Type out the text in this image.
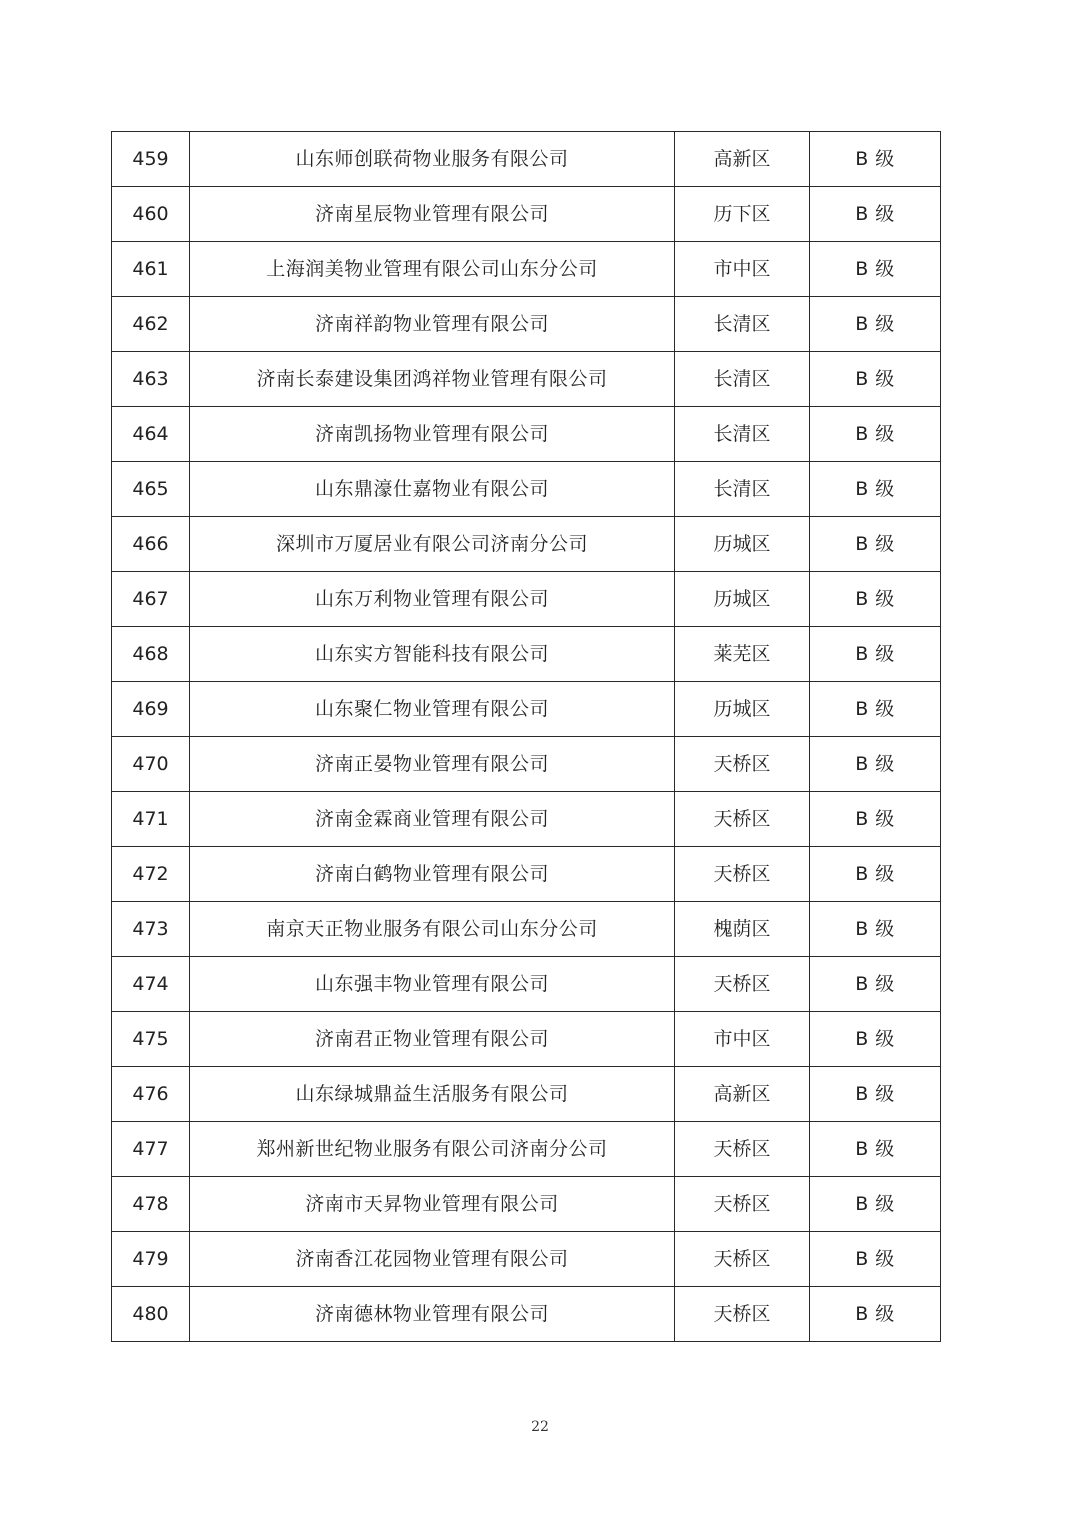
459	山东师创联荷物业服务有限公司	高新区	B 级
460	济南星辰物业管理有限公司	历下区	B 级
461	上海润美物业管理有限公司山东分公司	市中区	B 级
462	济南祥韵物业管理有限公司	长清区	B 级
463	济南长泰建设集团鸿祥物业管理有限公司	长清区	B 级
464	济南凯扬物业管理有限公司	长清区	B 级
465	山东鼎濠仕嘉物业有限公司	长清区	B 级
466	深圳市万厦居业有限公司济南分公司	历城区	B 级
467	山东万利物业管理有限公司	历城区	B 级
468	山东实方智能科技有限公司	莱芜区	B 级
469	山东聚仁物业管理有限公司	历城区	B 级
470	济南正晏物业管理有限公司	天桥区	B 级
471	济南金霖商业管理有限公司	天桥区	B 级
472	济南白鹤物业管理有限公司	天桥区	B 级
473	南京天正物业服务有限公司山东分公司	槐荫区	B 级
474	山东强丰物业管理有限公司	天桥区	B 级
475	济南君正物业管理有限公司	市中区	B 级
476	山东绿城鼎益生活服务有限公司	高新区	B 级
477	郑州新世纪物业服务有限公司济南分公司	天桥区	B 级
478	济南市天昇物业管理有限公司	天桥区	B 级
479	济南香江花园物业管理有限公司	天桥区	B 级
480	济南德林物业管理有限公司	天桥区	B 级
22
